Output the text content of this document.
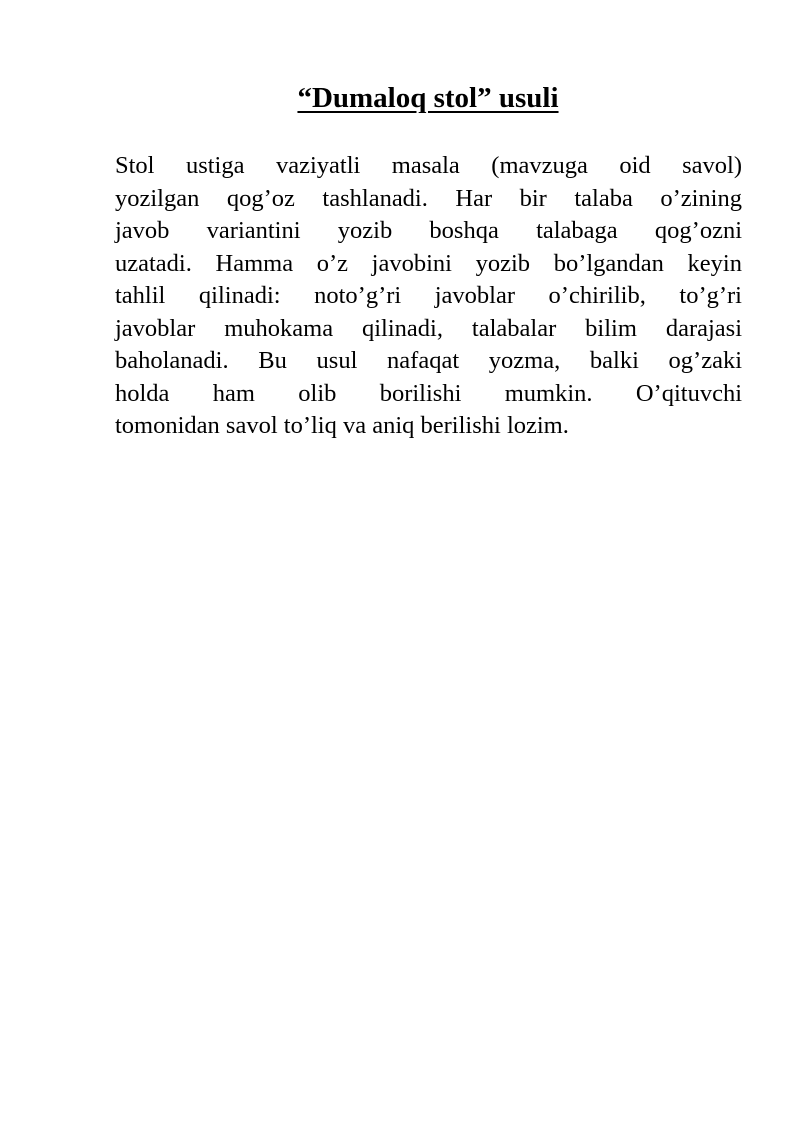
“Dumaloq stol” usuli

Stol ustiga vaziyatli masala (mavzuga oid savol)
yozilgan qog’oz tashlanadi. Har bir talaba o’zining
javob variantini yozib boshqa talabaga qog’ozni
uzatadi. Hamma o’z javobini yozib bo’lgandan keyin
tahlil qilinadi: noto’g’ri javoblar o’chirilib, to’g’ri
javoblar muhokama qilinadi, talabalar bilim darajasi
baholanadi. Bu usul nafaqat yozma, balki og’zaki
holda ham olib borilishi mumkin. O’qituvchi
tomonidan savol to’liq va aniq berilishi lozim.
